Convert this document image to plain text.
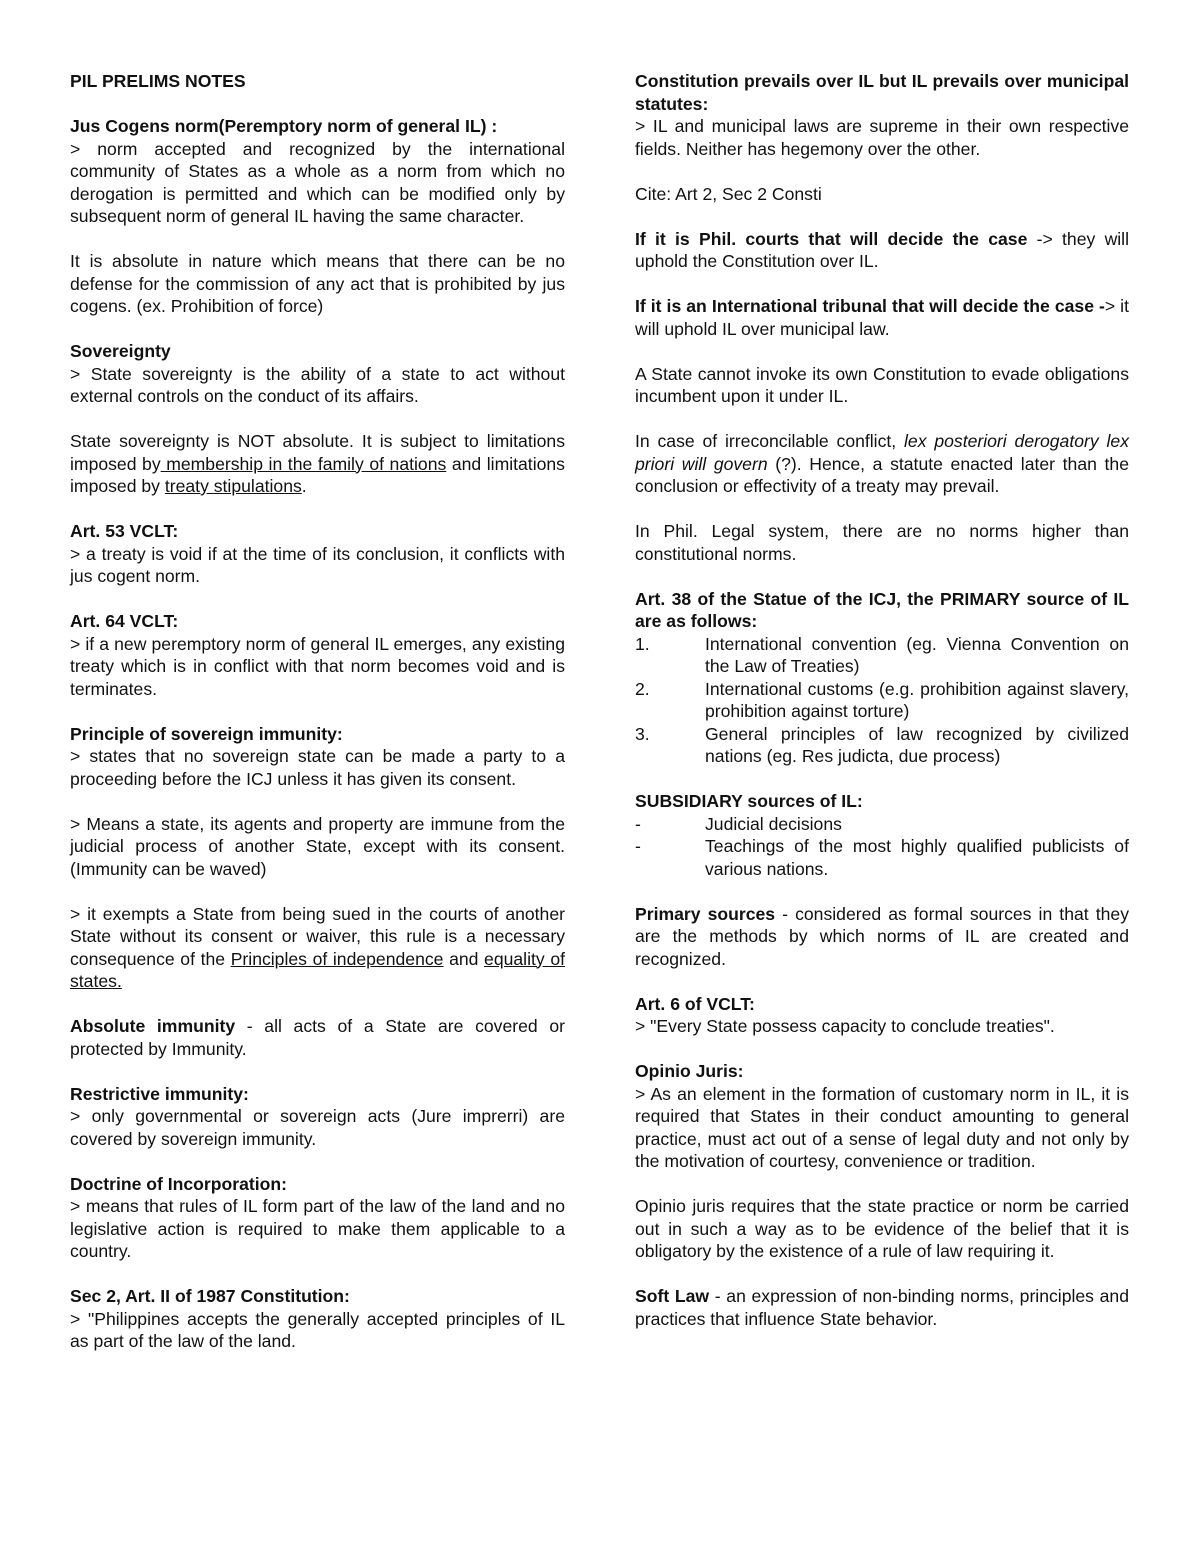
PIL PRELIMS NOTES

Jus Cogens norm(Peremptory norm of general IL) :

> norm accepted and recognized by the international community of States as a whole as a norm from which no derogation is permitted and which can be modified only by subsequent norm of general IL having the same character.

It is absolute in nature which means that there can be no defense for the commission of any act that is prohibited by jus cogens. (ex. Prohibition of force)

Sovereignty

> State sovereignty is the ability of a state to act without external controls on the conduct of its affairs.

State sovereignty is NOT absolute. It is subject to limitations imposed by membership in the family of nations and limitations imposed by treaty stipulations.

Art. 53 VCLT:

> a treaty is void if at the time of its conclusion, it conflicts with jus cogent norm.

Art. 64 VCLT:

> if a new peremptory norm of general IL emerges, any existing treaty which is in conflict with that norm becomes void and is terminates.

Principle of sovereign immunity:

> states that no sovereign state can be made a party to a proceeding before the ICJ unless it has given its consent.

> Means a state, its agents and property are immune from the judicial process of another State, except with its consent. (Immunity can be waved)

> it exempts a State from being sued in the courts of another State without its consent or waiver, this rule is a necessary consequence of the Principles of independence and equality of states.

Absolute immunity - all acts of a State are covered or protected by Immunity.

Restrictive immunity:

> only governmental or sovereign acts (Jure imprerri) are covered by sovereign immunity.

Doctrine of Incorporation:

> means that rules of IL form part of the law of the land and no legislative action is required to make them applicable to a country.

Sec 2, Art. II of 1987 Constitution:

> "Philippines accepts the generally accepted principles of IL as part of the law of the land.

Constitution prevails over IL but IL prevails over municipal statutes:

> IL and municipal laws are supreme in their own respective fields. Neither has hegemony over the other.

Cite: Art 2, Sec 2 Consti

If it is Phil. courts that will decide the case -> they will uphold the Constitution over IL.

If it is an International tribunal that will decide the case -> it will uphold IL over municipal law.

A State cannot invoke its own Constitution to evade obligations incumbent upon it under IL.

In case of irreconcilable conflict, lex posteriori derogatory lex priori will govern (?). Hence, a statute enacted later than the conclusion or effectivity of a treaty may prevail.

In Phil. Legal system, there are no norms higher than constitutional norms.

Art. 38 of the Statue of the ICJ, the PRIMARY source of IL are as follows:

1.	International convention (eg. Vienna Convention on the Law of Treaties)
2.	International customs (e.g. prohibition against slavery, prohibition against torture)
3.	General principles of law recognized by civilized nations (eg. Res judicta, due process)

SUBSIDIARY sources of IL:

-	Judicial decisions
-	Teachings of the most highly qualified publicists of various nations.

Primary sources - considered as formal sources in that they are the methods by which norms of IL are created and recognized.

Art. 6 of VCLT:

> "Every State possess capacity to conclude treaties".

Opinio Juris:

> As an element in the formation of customary norm in IL, it is required that States in their conduct amounting to general practice, must act out of a sense of legal duty and not only by the motivation of courtesy, convenience or tradition.

Opinio juris requires that the state practice or norm be carried out in such a way as to be evidence of the belief that it is obligatory by the existence of a rule of law requiring it.

Soft Law - an expression of non-binding norms, principles and practices that influence State behavior.
